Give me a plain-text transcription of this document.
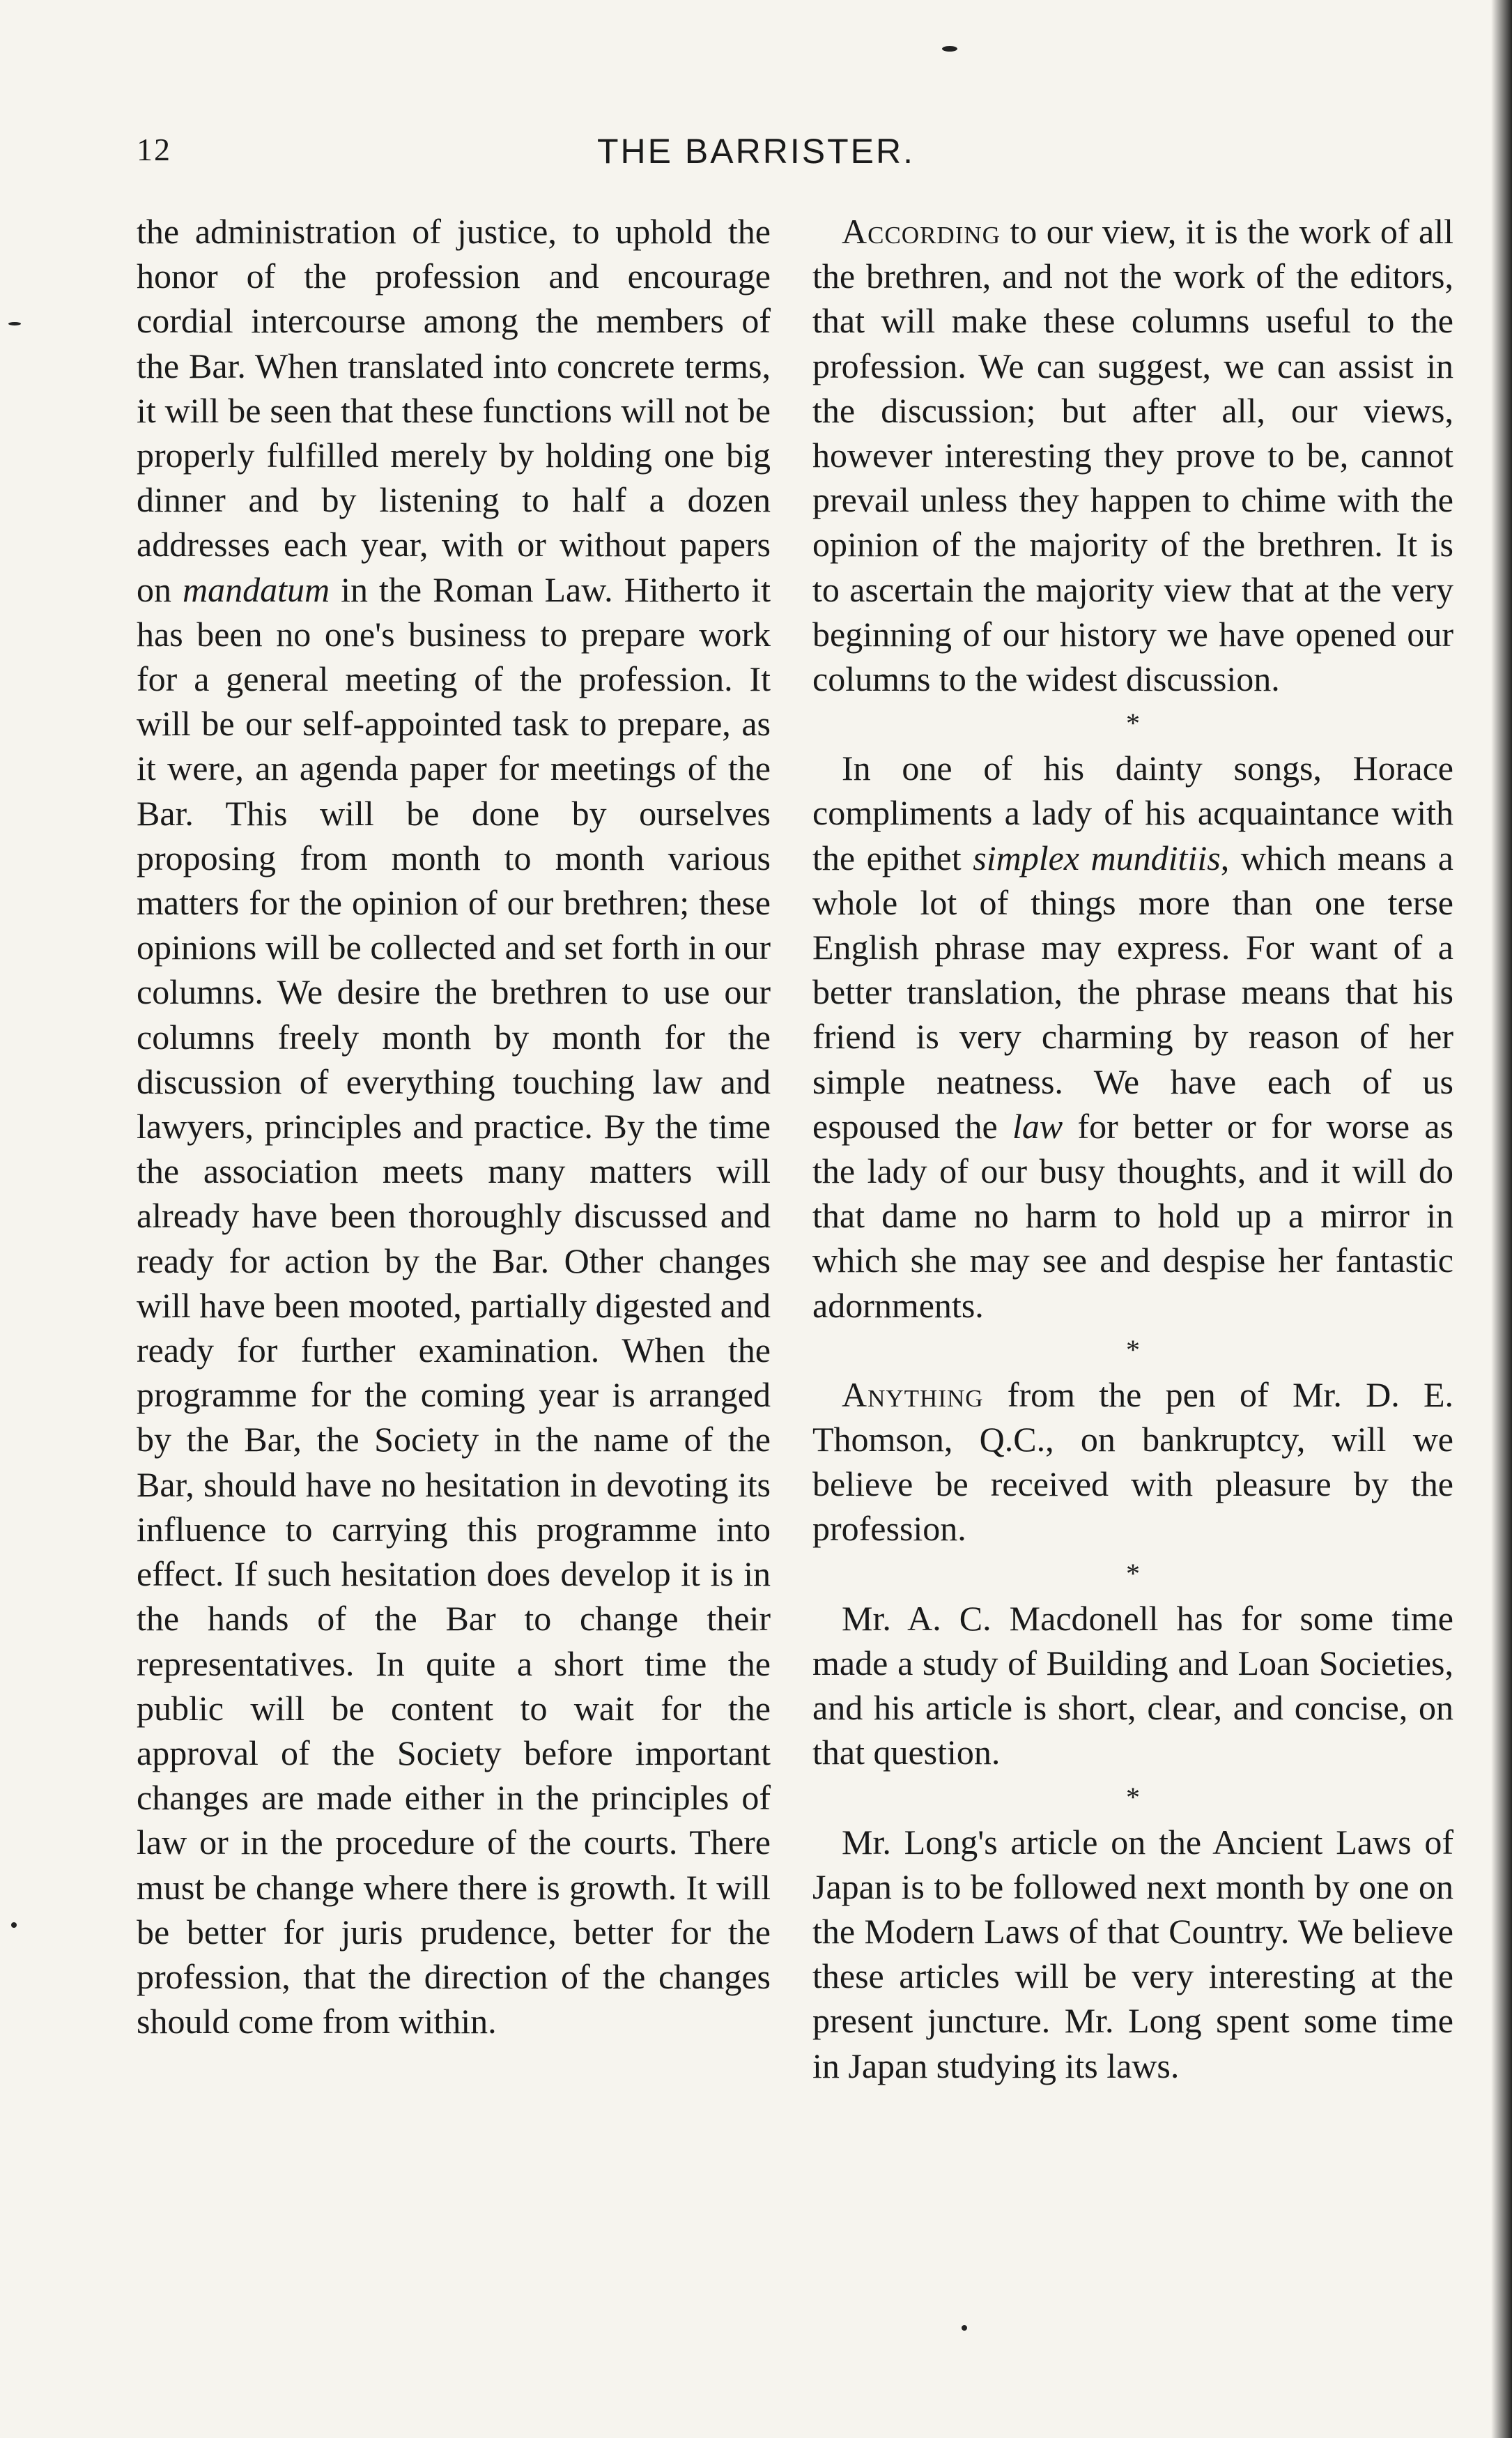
12	THE BARRISTER.

the administration of justice, to uphold the honor of the profession and encourage cordial intercourse among the members of the Bar. When translated into concrete terms, it will be seen that these functions will not be properly fulfilled merely by holding one big dinner and by listening to half a dozen addresses each year, with or without papers on mandatum in the Roman Law. Hitherto it has been no one's business to prepare work for a general meeting of the profession. It will be our self-appointed task to prepare, as it were, an agenda paper for meetings of the Bar. This will be done by ourselves proposing from month to month various matters for the opinion of our brethren; these opinions will be collected and set forth in our columns. We desire the brethren to use our columns freely month by month for the discussion of everything touching law and lawyers, principles and practice. By the time the association meets many matters will already have been thoroughly discussed and ready for action by the Bar. Other changes will have been mooted, partially digested and ready for further examination. When the programme for the coming year is arranged by the Bar, the Society in the name of the Bar, should have no hesitation in devoting its influence to carrying this programme into effect. If such hesitation does develop it is in the hands of the Bar to change their representatives. In quite a short time the public will be content to wait for the approval of the Society before important changes are made either in the principles of law or in the procedure of the courts. There must be change where there is growth. It will be better for juris prudence, better for the profession, that the direction of the changes should come from within.

According to our view, it is the work of all the brethren, and not the work of the editors, that will make these columns useful to the profession. We can suggest, we can assist in the discussion; but after all, our views, however interesting they prove to be, cannot prevail unless they happen to chime with the opinion of the majority of the brethren. It is to ascertain the majority view that at the very beginning of our history we have opened our columns to the widest discussion.

*

In one of his dainty songs, Horace compliments a lady of his acquaintance with the epithet simplex munditiis, which means a whole lot of things more than one terse English phrase may express. For want of a better translation, the phrase means that his friend is very charming by reason of her simple neatness. We have each of us espoused the law for better or for worse as the lady of our busy thoughts, and it will do that dame no harm to hold up a mirror in which she may see and despise her fantastic adornments.

*

Anything from the pen of Mr. D. E. Thomson, Q.C., on bankruptcy, will we believe be received with pleasure by the profession.

*

Mr. A. C. Macdonell has for some time made a study of Building and Loan Societies, and his article is short, clear, and concise, on that question.

*

Mr. Long's article on the Ancient Laws of Japan is to be followed next month by one on the Modern Laws of that Country. We believe these articles will be very interesting at the present juncture. Mr. Long spent some time in Japan studying its laws.
